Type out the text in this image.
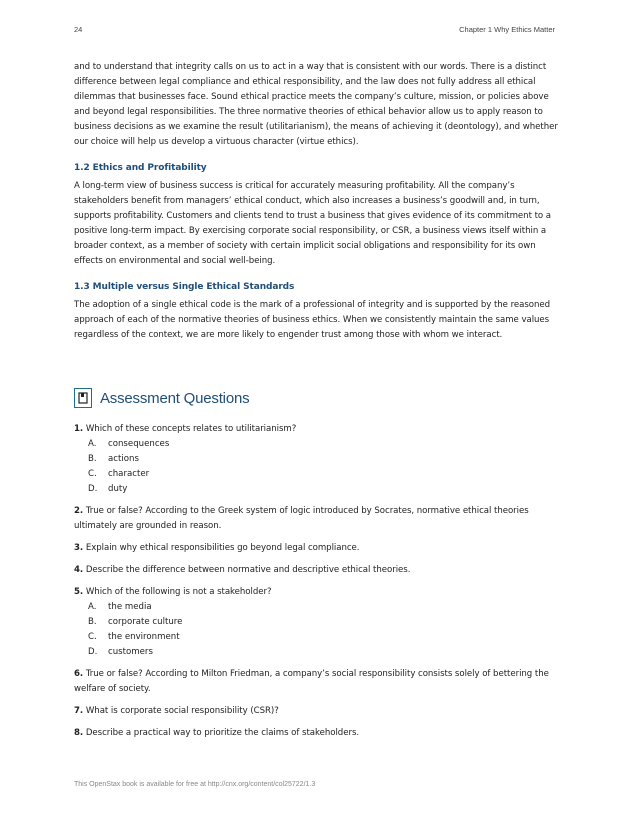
24	Chapter 1 Why Ethics Matter

and to understand that integrity calls on us to act in a way that is consistent with our words. There is a distinct difference between legal compliance and ethical responsibility, and the law does not fully address all ethical dilemmas that businesses face. Sound ethical practice meets the company’s culture, mission, or policies above and beyond legal responsibilities. The three normative theories of ethical behavior allow us to apply reason to business decisions as we examine the result (utilitarianism), the means of achieving it (deontology), and whether our choice will help us develop a virtuous character (virtue ethics).

1.2 Ethics and Profitability

A long-term view of business success is critical for accurately measuring profitability. All the company’s stakeholders benefit from managers’ ethical conduct, which also increases a business’s goodwill and, in turn, supports profitability. Customers and clients tend to trust a business that gives evidence of its commitment to a positive long-term impact. By exercising corporate social responsibility, or CSR, a business views itself within a broader context, as a member of society with certain implicit social obligations and responsibility for its own effects on environmental and social well-being.

1.3 Multiple versus Single Ethical Standards

The adoption of a single ethical code is the mark of a professional of integrity and is supported by the reasoned approach of each of the normative theories of business ethics. When we consistently maintain the same values regardless of the context, we are more likely to engender trust among those with whom we interact.

Assessment Questions

1. Which of these concepts relates to utilitarianism?

A.	consequences
B.	actions
C.	character
D.	duty

2. True or false? According to the Greek system of logic introduced by Socrates, normative ethical theories ultimately are grounded in reason.

3. Explain why ethical responsibilities go beyond legal compliance.

4. Describe the difference between normative and descriptive ethical theories.

5. Which of the following is not a stakeholder?

A.	the media
B.	corporate culture
C.	the environment
D.	customers

6. True or false? According to Milton Friedman, a company’s social responsibility consists solely of bettering the welfare of society.

7. What is corporate social responsibility (CSR)?

8. Describe a practical way to prioritize the claims of stakeholders.

This OpenStax book is available for free at http://cnx.org/content/col25722/1.3
